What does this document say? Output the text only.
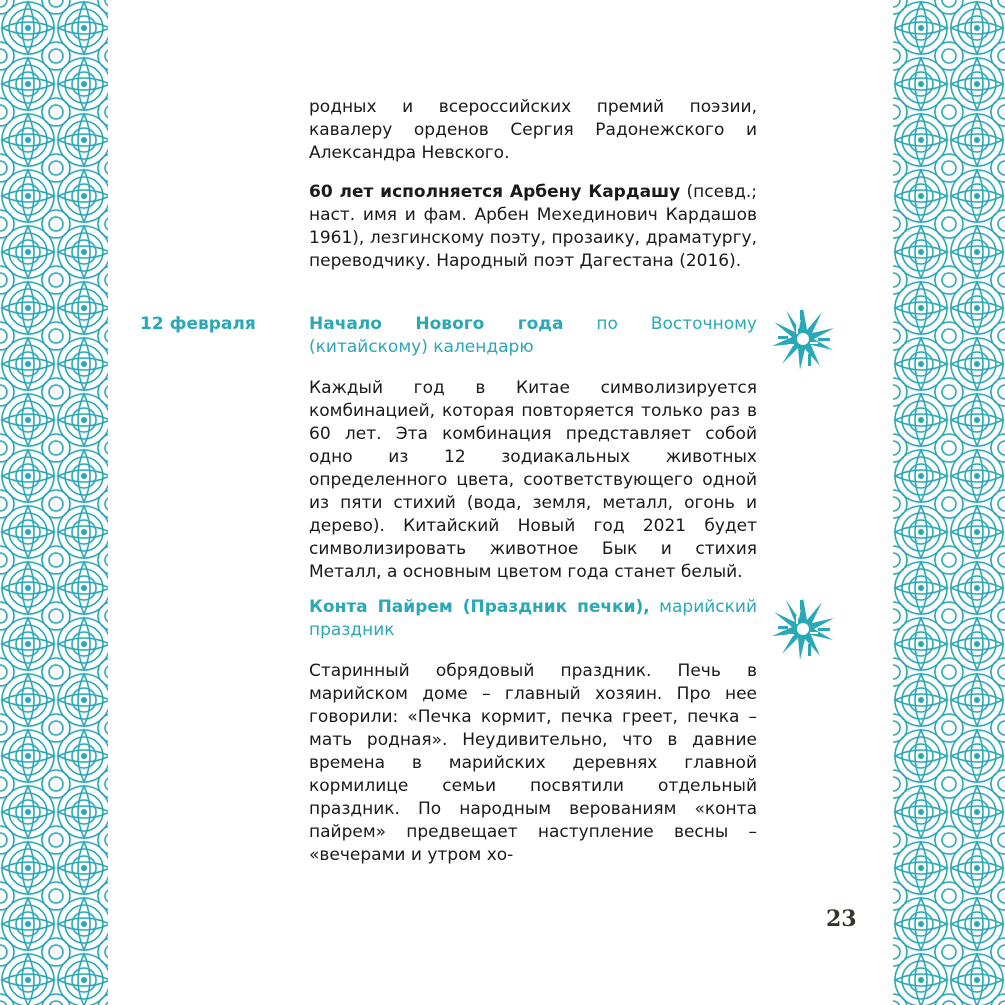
родных и всероссийских премий поэзии, кавалеру орденов Сергия Радонежского и Александра Невского.

60 лет исполняется Арбену Кардашу (псевд.; наст. имя и фам. Арбен Мехединович Кардашов 1961), лезгинскому поэту, прозаику, драматургу, переводчику. Народный поэт Дагестана (2016).

12 февраля	Начало Нового года по Восточному (китайскому) календарю

Каждый год в Китае символизируется комбинацией, которая повторяется только раз в 60 лет. Эта комбинация представляет собой одно из 12 зодиакальных животных определенного цвета, соответствующего одной из пяти стихий (вода, земля, металл, огонь и дерево). Китайский Новый год 2021 будет символизировать животное Бык и стихия Металл, а основным цветом года станет белый.

Конта Пайрем (Праздник печки), марийский праздник

Старинный обрядовый праздник. Печь в марийском доме – главный хозяин. Про нее говорили: «Печка кормит, печка греет, печка – мать родная». Неудивительно, что в давние времена в марийских деревнях главной кормилице семьи посвятили отдельный праздник. По народным верованиям «конта пайрем» предвещает наступление весны – «вечерами и утром хо-

23
